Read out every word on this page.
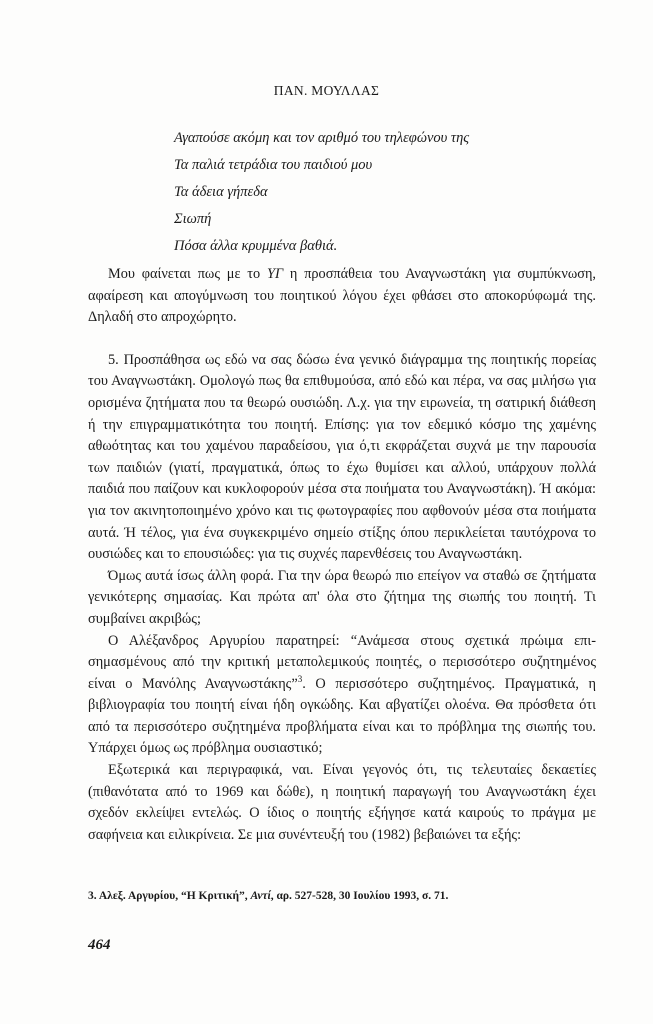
ΠΑΝ. ΜΟΥΛΛΑΣ
Αγαπούσε ακόμη και τον αριθμό του τηλεφώνου της
Τα παλιά τετράδια του παιδιού μου
Τα άδεια γήπεδα
Σιωπή
Πόσα άλλα κρυμμένα βαθιά.

Μου φαίνεται πως με το ΥΓ η προσπάθεια του Αναγνωστάκη για συμπύκνωση, αφαίρεση και απογύμνωση του ποιητικού λόγου έχει φθάσει στο αποκορύφωμά της. Δηλαδή στο απροχώρητο.

5. Προσπάθησα ως εδώ να σας δώσω ένα γενικό διάγραμμα της ποιητικής πορείας του Αναγνωστάκη. Ομολογώ πως θα επιθυμούσα, από εδώ και πέρα, να σας μιλήσω για ορισμένα ζητήματα που τα θεωρώ ουσιώδη. Λ.χ. για την ειρωνεία, τη σατιρική διάθεση ή την επιγραμματικότητα του ποιητή. Επίσης: για τον εδεμικό κόσμο της χαμένης αθωότητας και του χαμένου παραδείσου, για ό,τι εκφράζεται συχνά με την παρουσία των παιδιών (γιατί, πραγματικά, όπως το έχω θυμίσει και αλλού, υπάρχουν πολλά παιδιά που παίζουν και κυκλοφορούν μέσα στα ποιήματα του Αναγνωστάκη). Ή ακόμα: για τον ακινητοποιημένο χρόνο και τις φωτογραφίες που αφθονούν μέσα στα ποιήματα αυτά. Ή τέλος, για ένα συγκεκριμένο σημείο στίξης όπου περικλείεται ταυτόχρονα το ουσιώδες και το επουσιώδες: για τις συχνές παρενθέσεις του Αναγνωστάκη.

Όμως αυτά ίσως άλλη φορά. Για την ώρα θεωρώ πιο επείγον να σταθώ σε ζητήματα γενικότερης σημασίας. Και πρώτα απ' όλα στο ζήτημα της σιωπής του ποιητή. Τι συμβαίνει ακριβώς;

Ο Αλέξανδρος Αργυρίου παρατηρεί: “Ανάμεσα στους σχετικά πρώιμα επισημασμένους από την κριτική μεταπολεμικούς ποιητές, ο περισσότερο συζητημένος είναι ο Μανόλης Αναγνωστάκης”$^3$. Ο περισσότερο συζητημένος. Πραγματικά, η βιβλιογραφία του ποιητή είναι ήδη ογκώδης. Και αβγατίζει ολοένα. Θα πρόσθετα ότι από τα περισσότερο συζητημένα προβλήματα είναι και το πρόβλημα της σιωπής του. Υπάρχει όμως ως πρόβλημα ουσιαστικό;

Εξωτερικά και περιγραφικά, ναι. Είναι γεγονός ότι, τις τελευταίες δεκαετίες (πιθανότατα από το 1969 και δώθε), η ποιητική παραγωγή του Αναγνωστάκη έχει σχεδόν εκλείψει εντελώς. Ο ίδιος ο ποιητής εξήγησε κατά καιρούς το πράγμα με σαφήνεια και ειλικρίνεια. Σε μια συνέντευξή του (1982) βεβαιώνει τα εξής:

3. Αλεξ. Αργυρίου, “Η Κριτική”, Αντί, αρ. 527-528, 30 Ιουλίου 1993, σ. 71.
464
